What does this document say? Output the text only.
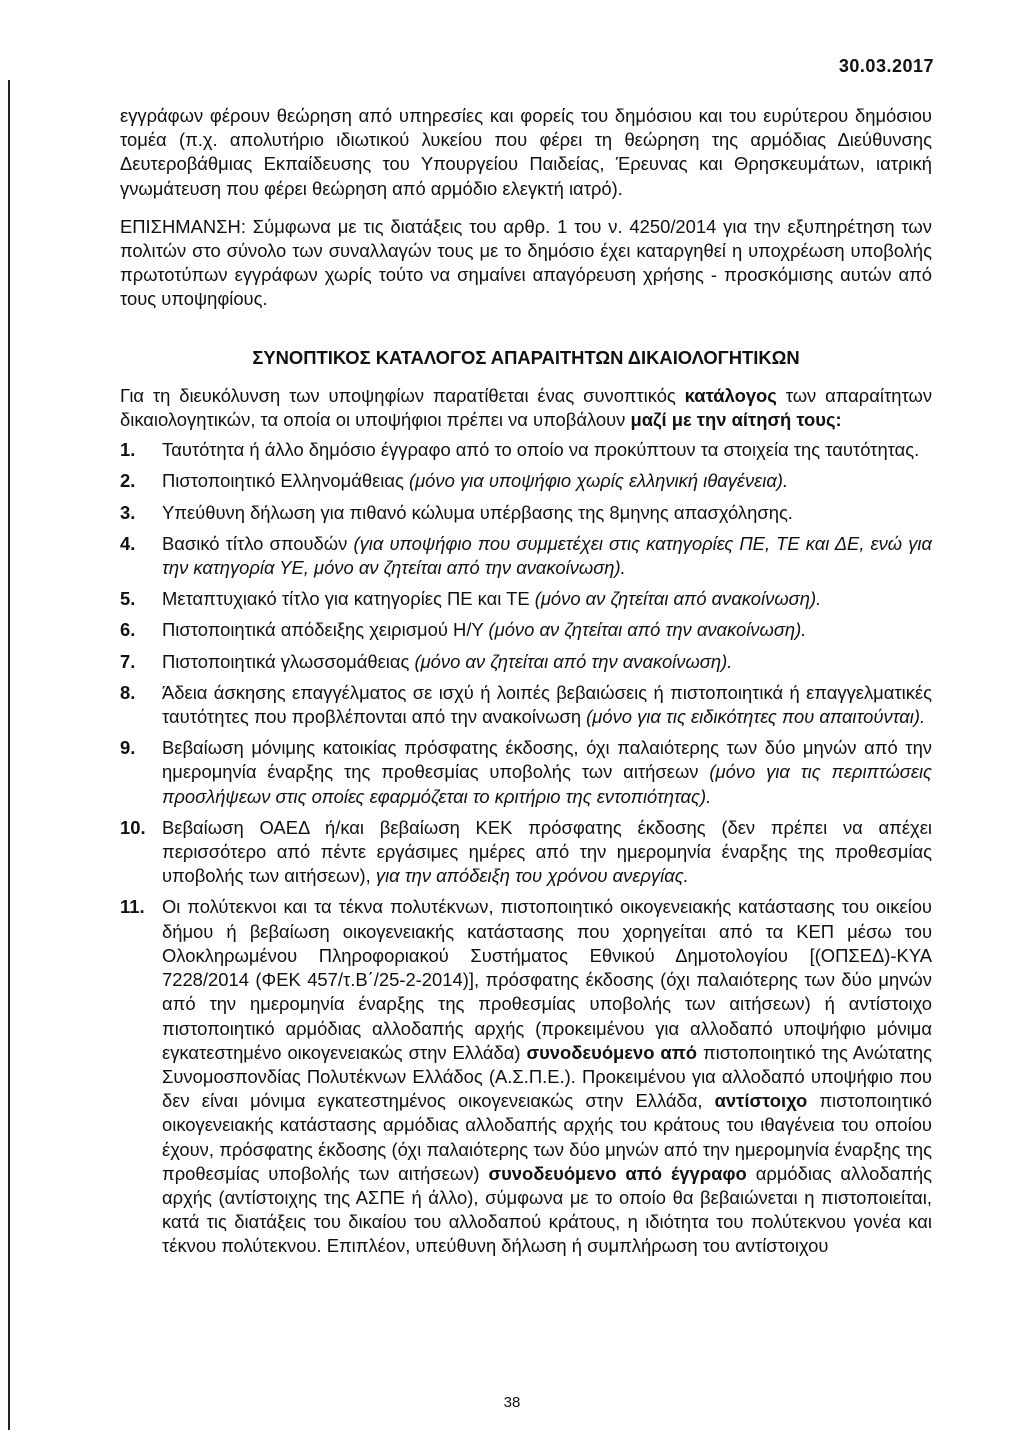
30.03.2017

εγγράφων φέρουν θεώρηση από υπηρεσίες και φορείς του δημόσιου και του ευρύτερου δημόσιου τομέα (π.χ. απολυτήριο ιδιωτικού λυκείου που φέρει τη θεώρηση της αρμόδιας Διεύθυνσης Δευτεροβάθμιας Εκπαίδευσης του Υπουργείου Παιδείας, Έρευνας και Θρησκευμάτων, ιατρική γνωμάτευση που φέρει θεώρηση από αρμόδιο ελεγκτή ιατρό).

ΕΠΙΣΗΜΑΝΣΗ: Σύμφωνα με τις διατάξεις του αρθρ. 1 του ν. 4250/2014 για την εξυπηρέτηση των πολιτών στο σύνολο των συναλλαγών τους με το δημόσιο έχει καταργηθεί η υποχρέωση υποβολής πρωτοτύπων εγγράφων χωρίς τούτο να σημαίνει απαγόρευση χρήσης - προσκόμισης αυτών από τους υποψηφίους.

ΣΥΝΟΠΤΙΚΟΣ ΚΑΤΑΛΟΓΟΣ ΑΠΑΡΑΙΤΗΤΩΝ ΔΙΚΑΙΟΛΟΓΗΤΙΚΩΝ

Για τη διευκόλυνση των υποψηφίων παρατίθεται ένας συνοπτικός κατάλογος των απαραίτητων δικαιολογητικών, τα οποία οι υποψήφιοι πρέπει να υποβάλουν μαζί με την αίτησή τους:

1.	Ταυτότητα ή άλλο δημόσιο έγγραφο από το οποίο να προκύπτουν τα στοιχεία της ταυτότητας.
2.	Πιστοποιητικό Ελληνομάθειας (μόνο για υποψήφιο χωρίς ελληνική ιθαγένεια).
3.	Υπεύθυνη δήλωση για πιθανό κώλυμα υπέρβασης της 8μηνης απασχόλησης.
4.	Βασικό τίτλο σπουδών (για υποψήφιο που συμμετέχει στις κατηγορίες ΠΕ, ΤΕ και ΔΕ, ενώ για την κατηγορία ΥΕ, μόνο αν ζητείται από την ανακοίνωση).
5.	Μεταπτυχιακό τίτλο για κατηγορίες ΠΕ και ΤΕ (μόνο αν ζητείται από ανακοίνωση).
6.	Πιστοποιητικά απόδειξης χειρισμού Η/Υ (μόνο αν ζητείται από την ανακοίνωση).
7.	Πιστοποιητικά γλωσσομάθειας (μόνο αν ζητείται από την ανακοίνωση).
8.	Άδεια άσκησης επαγγέλματος σε ισχύ ή λοιπές βεβαιώσεις ή πιστοποιητικά ή επαγγελματικές ταυτότητες που προβλέπονται από την ανακοίνωση (μόνο για τις ειδικότητες που απαιτούνται).
9.	Βεβαίωση μόνιμης κατοικίας πρόσφατης έκδοσης, όχι παλαιότερης των δύο μηνών από την ημερομηνία έναρξης της προθεσμίας υποβολής των αιτήσεων (μόνο για τις περιπτώσεις προσλήψεων στις οποίες εφαρμόζεται το κριτήριο της εντοπιότητας).
10. Βεβαίωση ΟΑΕΔ ή/και βεβαίωση ΚΕΚ πρόσφατης έκδοσης (δεν πρέπει να απέχει περισσότερο από πέντε εργάσιμες ημέρες από την ημερομηνία έναρξης της προθεσμίας υποβολής των αιτήσεων), για την απόδειξη του χρόνου ανεργίας.
11. Οι πολύτεκνοι και τα τέκνα πολυτέκνων, πιστοποιητικό οικογενειακής κατάστασης του οικείου δήμου ή βεβαίωση οικογενειακής κατάστασης που χορηγείται από τα ΚΕΠ μέσω του Ολοκληρωμένου Πληροφοριακού Συστήματος Εθνικού Δημοτολογίου [(ΟΠΣΕΔ)-ΚΥΑ 7228/2014 (ΦΕΚ 457/τ.Β΄/25-2-2014)], πρόσφατης έκδοσης (όχι παλαιότερης των δύο μηνών από την ημερομηνία έναρξης της προθεσμίας υποβολής των αιτήσεων) ή αντίστοιχο πιστοποιητικό αρμόδιας αλλοδαπής αρχής (προκειμένου για αλλοδαπό υποψήφιο μόνιμα εγκατεστημένο οικογενειακώς στην Ελλάδα) συνοδευόμενο από πιστοποιητικό της Ανώτατης Συνομοσπονδίας Πολυτέκνων Ελλάδος (Α.Σ.Π.Ε.). Προκειμένου για αλλοδαπό υποψήφιο που δεν είναι μόνιμα εγκατεστημένος οικογενειακώς στην Ελλάδα, αντίστοιχο πιστοποιητικό οικογενειακής κατάστασης αρμόδιας αλλοδαπής αρχής του κράτους του ιθαγένεια του οποίου έχουν, πρόσφατης έκδοσης (όχι παλαιότερης των δύο μηνών από την ημερομηνία έναρξης της προθεσμίας υποβολής των αιτήσεων) συνοδευόμενο από έγγραφο αρμόδιας αλλοδαπής αρχής (αντίστοιχης της ΑΣΠΕ ή άλλο), σύμφωνα με το οποίο θα βεβαιώνεται η πιστοποιείται, κατά τις διατάξεις του δικαίου του αλλοδαπού κράτους, η ιδιότητα του πολύτεκνου γονέα και τέκνου πολύτεκνου. Επιπλέον, υπεύθυνη δήλωση ή συμπλήρωση του αντίστοιχου
38
